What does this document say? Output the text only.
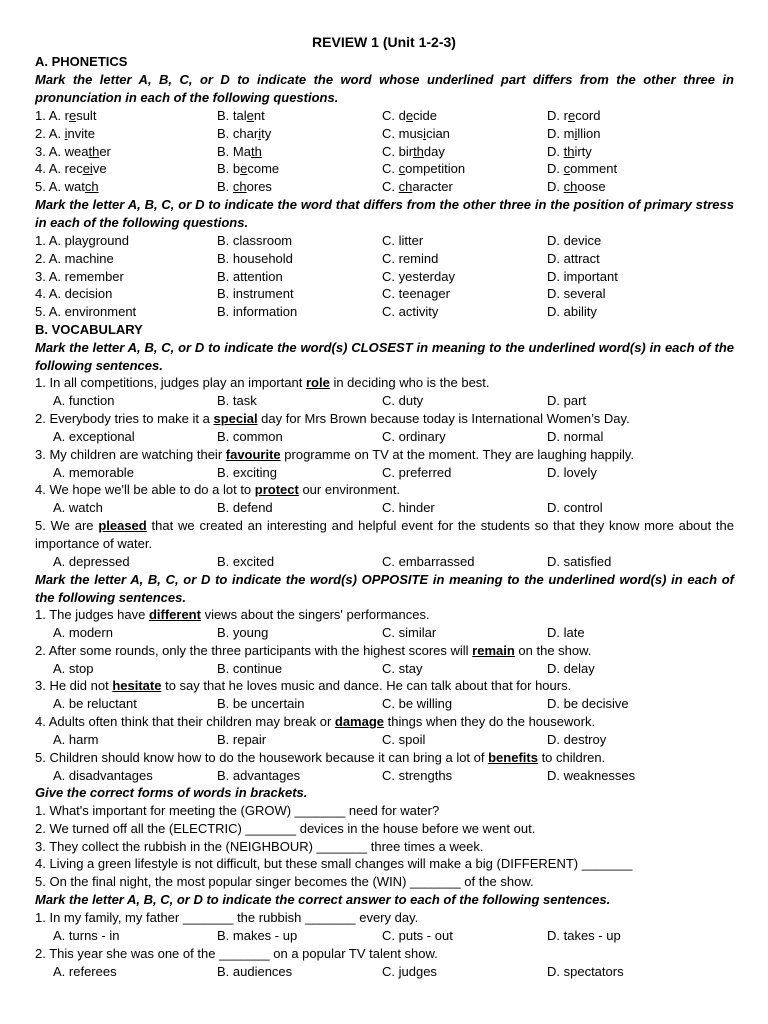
REVIEW 1 (Unit 1-2-3)
A. PHONETICS
Mark the letter A, B, C, or D to indicate the word whose underlined part differs from the other three in pronunciation in each of the following questions.
Mark the letter A, B, C, or D to indicate the word that differs from the other three in the position of primary stress in each of the following questions.
B. VOCABULARY
Mark the letter A, B, C, or D to indicate the word(s) CLOSEST in meaning to the underlined word(s) in each of the following sentences.
Mark the letter A, B, C, or D to indicate the word(s) OPPOSITE in meaning to the underlined word(s) in each of the following sentences.
Give the correct forms of words in brackets.
Mark the letter A, B, C, or D to indicate the correct answer to each of the following sentences.
1. A. result	B. talent	C. decide	D. record
2. A. invite	B. charity	C. musician	D. million
3. A. weather	B. Math	C. birthday	D. thirty
4. A. receive	B. become	C. competition	D. comment
5. A. watch	B. chores	C. character	D. choose
1. A. playground	B. classroom	C. litter	D. device
2. A. machine	B. household	C. remind	D. attract
3. A. remember	B. attention	C. yesterday	D. important
4. A. decision	B. instrument	C. teenager	D. several
5. A. environment	B. information	C. activity	D. ability
1. In all competitions, judges play an important role in deciding who is the best.
A. function	B. task	C. duty	D. part
2. Everybody tries to make it a special day for Mrs Brown because today is International Women’s Day.
A. exceptional	B. common	C. ordinary	D. normal
3. My children are watching their favourite programme on TV at the moment. They are laughing happily.
A. memorable	B. exciting	C. preferred	D. lovely
4. We hope we'll be able to do a lot to protect our environment.
A. watch	B. defend	C. hinder	D. control
5. We are pleased that we created an interesting and helpful event for the students so that they know more about the importance of water.
A. depressed	B. excited	C. embarrassed	D. satisfied
1. The judges have different views about the singers' performances.
A. modern	B. young	C. similar	D. late
2. After some rounds, only the three participants with the highest scores will remain on the show.
A. stop	B. continue	C. stay	D. delay
3. He did not hesitate to say that he loves music and dance. He can talk about that for hours.
A. be reluctant	B. be uncertain	C. be willing	D. be decisive
4. Adults often think that their children may break or damage things when they do the housework.
A. harm	B. repair	C. spoil	D. destroy
5. Children should know how to do the housework because it can bring a lot of benefits to children.
A. disadvantages	B. advantages	C. strengths	D. weaknesses
1. What's important for meeting the (GROW) _______ need for water?
2. We turned off all the (ELECTRIC) _______ devices in the house before we went out.
3. They collect the rubbish in the (NEIGHBOUR) _______ three times a week.
4. Living a green lifestyle is not difficult, but these small changes will make a big (DIFFERENT) _______
5. On the final night, the most popular singer becomes the (WIN) _______ of the show.
1. In my family, my father _______ the rubbish _______ every day.
A. turns - in	B. makes - up	C. puts - out	D. takes - up
2. This year she was one of the _______ on a popular TV talent show.
A. referees	B. audiences	C. judges	D. spectators
